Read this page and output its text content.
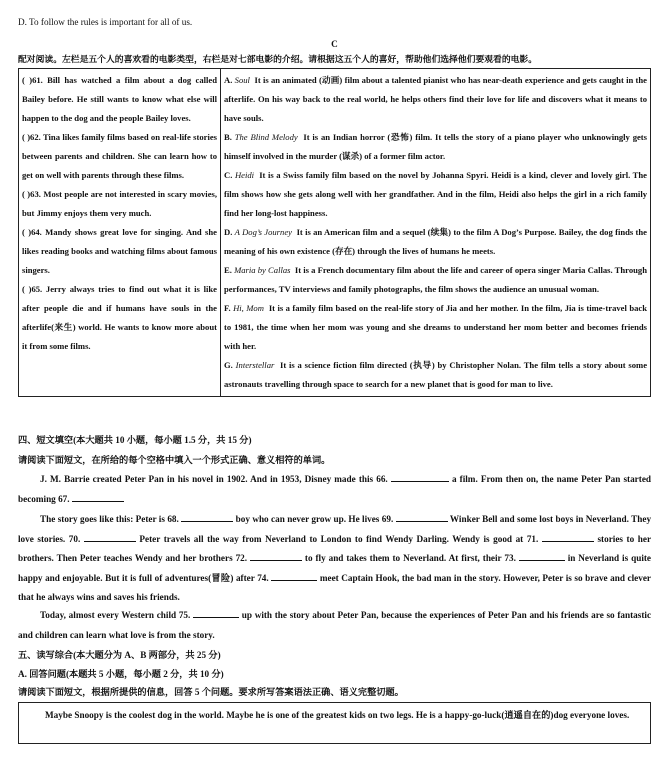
D. To follow the rules is important for all of us.
C
配对阅读。左栏是五个人的喜欢看的电影类型，右栏是对七部电影的介绍。请根据这五个人的喜好，帮助他们选择他们要观看的电影。
( )61. Bill has watched a film about a dog called Bailey before. He still wants to know what else will happen to the dog and the people Bailey loves.
( )62. Tina likes family films based on real-life stories between parents and children. She can learn how to get on well with parents through these films.
( )63. Most people are not interested in scary movies, but Jimmy enjoys them very much.
( )64. Mandy shows great love for singing. And she likes reading books and watching films about famous singers.
( )65. Jerry always tries to find out what it is like after people die and if humans have souls in the afterlife(来生) world. He wants to know more about it from some films.

A. Soul It is an animated (动画) film about a talented pianist who has near-death experience and gets caught in the afterlife. On his way back to the real world, he helps others find their love for life and discovers what it means to have souls.
B. The Blind Melody It is an Indian horror (恐怖) film. It tells the story of a piano player who unknowingly gets himself involved in the murder (谋杀) of a former film actor.
C. Heidi It is a Swiss family film based on the novel by Johanna Spyri. Heidi is a kind, clever and lovely girl. The film shows how she gets along well with her grandfather. And in the film, Heidi also helps the girl in a rich family find her long-lost happiness.
D. A Dog’s Journey It is an American film and a sequel (续集) to the film A Dog’s Purpose. Bailey, the dog finds the meaning of his own existence (存在) through the lives of humans he meets.
E. Maria by Callas It is a French documentary film about the life and career of opera singer Maria Callas. Through performances, TV interviews and family photographs, the film shows the audience an unusual woman.
F. Hi, Mom It is a family film based on the real-life story of Jia and her mother. In the film, Jia is time-travel back to 1981, the time when her mom was young and she dreams to understand her mom better and becomes friends with her.
G. Interstellar It is a science fiction film directed (执导) by Christopher Nolan. The film tells a story about some astronauts travelling through space to search for a new planet that is good for man to live.
四、短文填空(本大题共 10 小题，每小题 1.5 分，共 15 分)
请阅读下面短文，在所给的每个空格中填入一个形式正确、意义相符的单词。
J. M. Barrie created Peter Pan in his novel in 1902. And in 1953, Disney made this 66.	a film. From then on, the name Peter Pan started becoming 67.
The story goes like this: Peter is 68.	boy who can never grow up. He lives 69.	Winker Bell and some lost boys in Neverland. They love stories. 70.	Peter travels all the way from Neverland to London to find Wendy Darling. Wendy is good at 71.	stories to her brothers. Then Peter teaches Wendy and her brothers 72.	to fly and takes them to Neverland. At first, their 73.	in Neverland is quite happy and enjoyable. But it is full of adventures(冒险) after 74.	meet Captain Hook, the bad man in the story. However, Peter is so brave and clever that he always wins and saves his friends.
Today, almost every Western child 75.	up with the story about Peter Pan, because the experiences of Peter Pan and his friends are so fantastic and children can learn what love is from the story.
五、读写综合(本大题分为 A、B 两部分，共 25 分)
A. 回答问题(本题共 5 小题，每小题 2 分，共 10 分)
请阅读下面短文，根据所提供的信息，回答 5 个问题。要求所写答案语法正确、语义完整切题。

Maybe Snoopy is the coolest dog in the world. Maybe he is one of the greatest kids on two legs. He is a happy-go-luck(逍遥自在的)dog everyone loves.
